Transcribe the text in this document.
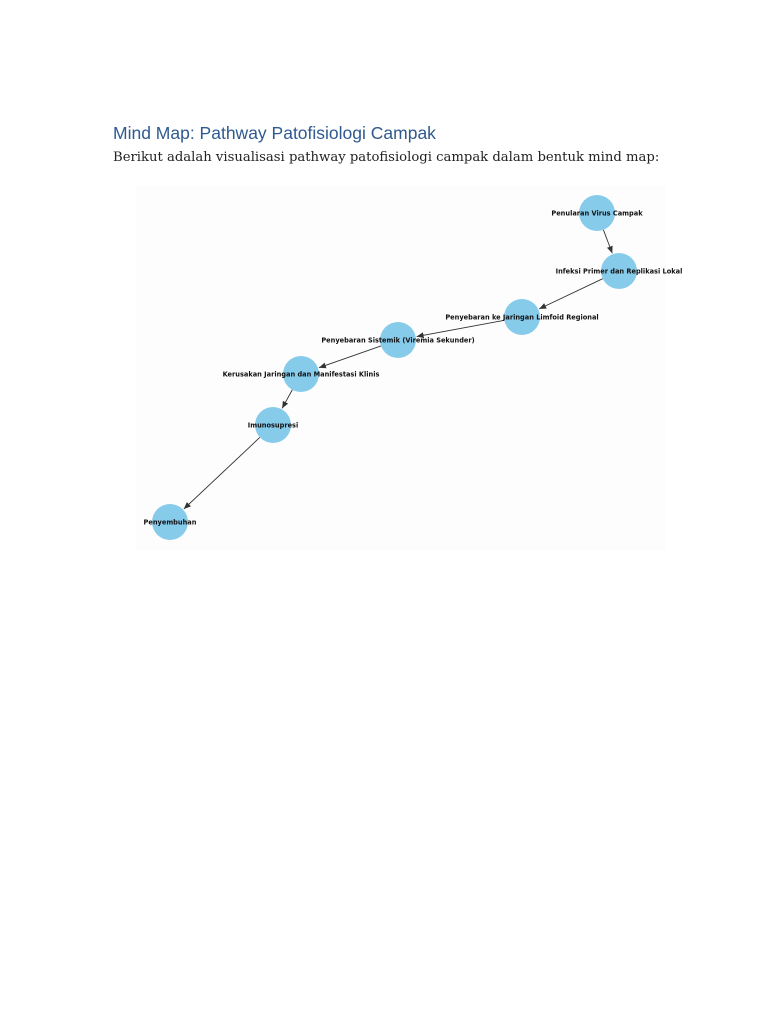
Mind Map: Pathway Patofisiologi Campak

Berikut adalah visualisasi pathway patofisiologi campak dalam bentuk mind map:

Penularan Virus Campak
Infeksi Primer dan Replikasi Lokal
Penyebaran ke Jaringan Limfoid Regional
Penyebaran Sistemik (Viremia Sekunder)
Kerusakan Jaringan dan Manifestasi Klinis
Imunosupresi
Penyembuhan
